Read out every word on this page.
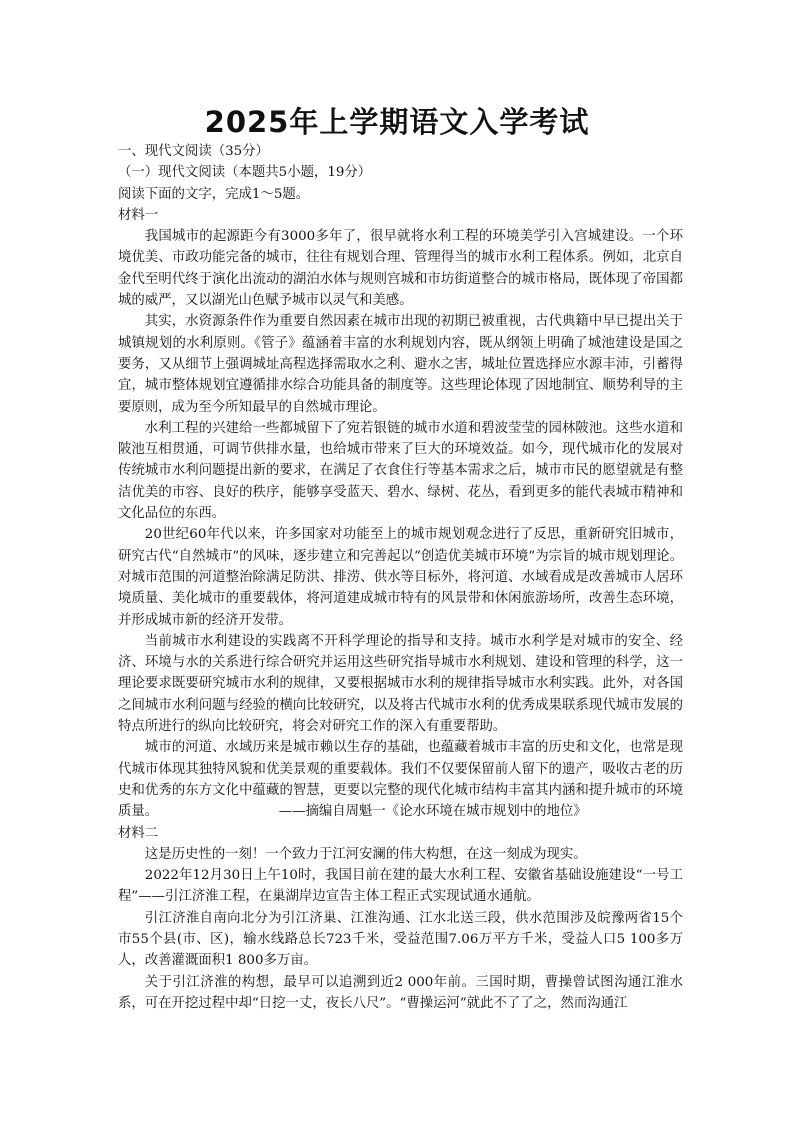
2025年上学期语文入学考试

一、现代文阅读（35分）

（一）现代文阅读（本题共5小题，19分）

阅读下面的文字，完成1～5题。

材料一

我国城市的起源距今有3000多年了，很早就将水利工程的环境美学引入宫城建设。一个环境优美、市政功能完备的城市，往往有规划合理、管理得当的城市水利工程体系。例如，北京自金代至明代终于演化出流动的湖泊水体与规则宫城和市坊街道整合的城市格局，既体现了帝国都城的威严，又以湖光山色赋予城市以灵气和美感。

其实，水资源条件作为重要自然因素在城市出现的初期已被重视，古代典籍中早已提出关于城镇规划的水利原则。《管子》蕴涵着丰富的水利规划内容，既从纲领上明确了城池建设是国之要务，又从细节上强调城址高程选择需取水之利、避水之害，城址位置选择应水源丰沛，引蓄得宜，城市整体规划宜遵循排水综合功能具备的制度等。这些理论体现了因地制宜、顺势利导的主要原则，成为至今所知最早的自然城市理论。

水利工程的兴建给一些都城留下了宛若银链的城市水道和碧波莹莹的园林陂池。这些水道和陂池互相贯通，可调节供排水量，也给城市带来了巨大的环境效益。如今，现代城市化的发展对传统城市水利问题提出新的要求，在满足了衣食住行等基本需求之后，城市市民的愿望就是有整洁优美的市容、良好的秩序，能够享受蓝天、碧水、绿树、花丛，看到更多的能代表城市精神和文化品位的东西。

20世纪60年代以来，许多国家对功能至上的城市规划观念进行了反思，重新研究旧城市，研究古代“自然城市”的风味，逐步建立和完善起以“创造优美城市环境”为宗旨的城市规划理论。对城市范围的河道整治除满足防洪、排涝、供水等目标外，将河道、水域看成是改善城市人居环境质量、美化城市的重要载体，将河道建成城市特有的风景带和休闲旅游场所，改善生态环境，并形成城市新的经济开发带。

当前城市水利建设的实践离不开科学理论的指导和支持。城市水利学是对城市的安全、经济、环境与水的关系进行综合研究并运用这些研究指导城市水利规划、建设和管理的科学，这一理论要求既要研究城市水利的规律，又要根据城市水利的规律指导城市水利实践。此外，对各国之间城市水利问题与经验的横向比较研究，以及将古代城市水利的优秀成果联系现代城市发展的特点所进行的纵向比较研究，将会对研究工作的深入有重要帮助。

城市的河道、水域历来是城市赖以生存的基础，也蕴藏着城市丰富的历史和文化，也常是现代城市体现其独特风貌和优美景观的重要载体。我们不仅要保留前人留下的遗产，吸收古老的历史和优秀的东方文化中蕴藏的智慧，更要以完整的现代化城市结构丰富其内涵和提升城市的环境质量。         	——摘编自周魁一《论水环境在城市规划中的地位》

材料二

这是历史性的一刻！一个致力于江河安澜的伟大构想，在这一刻成为现实。

2022年12月30日上午10时，我国目前在建的最大水利工程、安徽省基础设施建设“一号工程”——引江济淮工程，在巢湖岸边宣告主体工程正式实现试通水通航。

引江济淮自南向北分为引江济巢、江淮沟通、江水北送三段，供水范围涉及皖豫两省15个市55个县(市、区)，输水线路总长723千米，受益范围7.06万平方千米，受益人口5 100多万人，改善灌溉面积1 800多万亩。

关于引江济淮的构想，最早可以追溯到近2 000年前。三国时期，曹操曾试图沟通江淮水系，可在开挖过程中却“日挖一丈，夜长八尺”。“曹操运河”就此不了了之，然而沟通江
